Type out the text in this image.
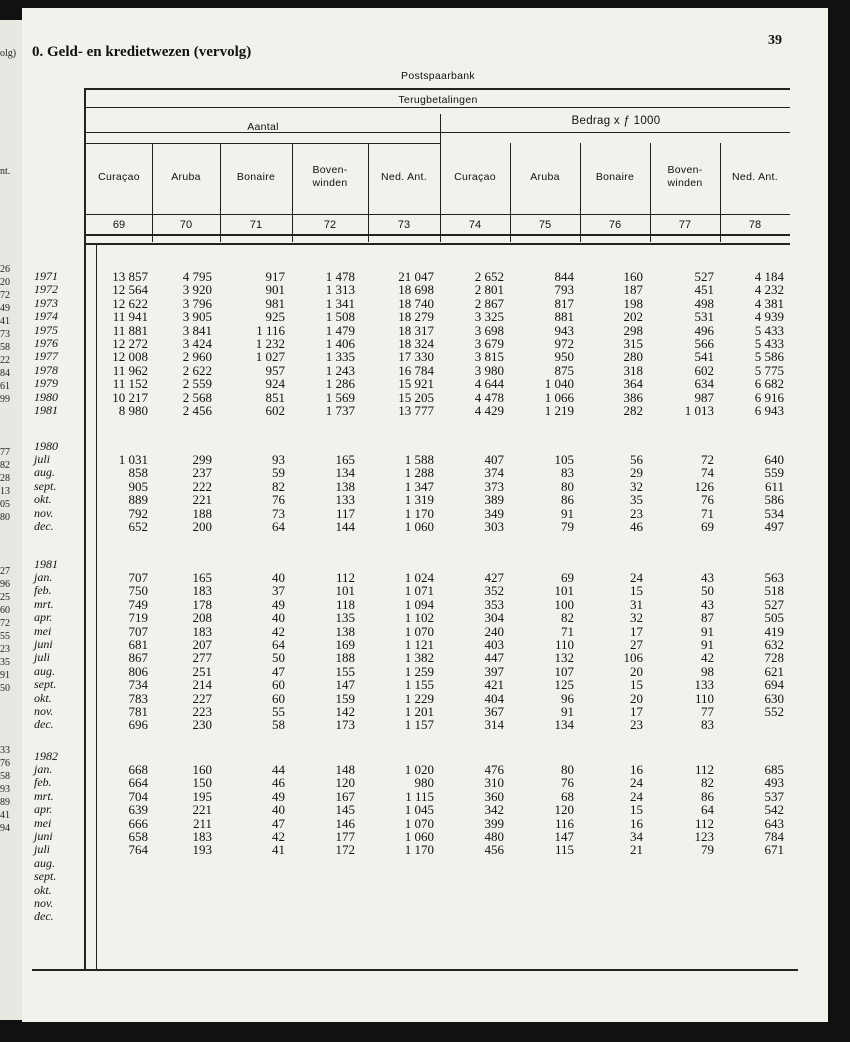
olg)
nt.
26
20
72
49
41
73
58
22
84
61
99
77
82
28
13
05
80
27
96
25
60
72
55
23
35
91
50
33
76
58
93
89
41
94
0. Geld- en kredietwezen (vervolg)
39
Postspaarbank
Terugbetalingen
Aantal	Bedrag x ƒ 1000
Curaçao
69
Aruba
70
Bonaire
71
Boven-
winden
72
Ned. Ant.
73
Curaçao
74
Aruba
75
Bonaire
76
Boven-
winden
77
Ned. Ant.
78
1971
1972
1973
1974
1975
1976
1977
1978
1979
1980
1981
13 857
12 564
12 622
11 941
11 881
12 272
12 008
11 962
11 152
10 217
8 980
4 795
3 920
3 796
3 905
3 841
3 424
2 960
2 622
2 559
2 568
2 456
917
901
981
925
1 116
1 232
1 027
957
924
851
602
1 478
1 313
1 341
1 508
1 479
1 406
1 335
1 243
1 286
1 569
1 737
21 047
18 698
18 740
18 279
18 317
18 324
17 330
16 784
15 921
15 205
13 777
2 652
2 801
2 867
3 325
3 698
3 679
3 815
3 980
4 644
4 478
4 429
844
793
817
881
943
972
950
875
1 040
1 066
1 219
160
187
198
202
298
315
280
318
364
386
282
527
451
498
531
496
566
541
602
634
987
1 013
4 184
4 232
4 381
4 939
5 433
5 433
5 586
5 775
6 682
6 916
6 943
1980
juli
aug.
sept.
okt.
nov.
dec.
1 031
858
905
889
792
652
299
237
222
221
188
200
93
59
82
76
73
64
165
134
138
133
117
144
1 588
1 288
1 347
1 319
1 170
1 060
407
374
373
389
349
303
105
83
80
86
91
79
56
29
32
35
23
46
72
74
126
76
71
69
640
559
611
586
534
497
1981
jan.
feb.
mrt.
apr.
mei
juni
juli
aug.
sept.
okt.
nov.
dec.
707
750
749
719
707
681
867
806
734
783
781
696
165
183
178
208
183
207
277
251
214
227
223
230
40
37
49
40
42
64
50
47
60
60
55
58
112
101
118
135
138
169
188
155
147
159
142
173
1 024
1 071
1 094
1 102
1 070
1 121
1 382
1 259
1 155
1 229
1 201
1 157
427
352
353
304
240
403
447
397
421
404
367
314
69
101
100
82
71
110
132
107
125
96
91
134
24
15
31
32
17
27
106
20
15
20
17
23
43
50
43
87
91
91
42
98
133
110
77
83
563
518
527
505
419
632
728
621
694
630
552
1982
jan.
feb.
mrt.
apr.
mei
juni
juli
aug.
sept.
okt.
nov.
dec.
668
664
704
639
666
658
764
160
150
195
221
211
183
193
44
46
49
40
47
42
41
148
120
167
145
146
177
172
1 020
980
1 115
1 045
1 070
1 060
1 170
476
310
360
342
399
480
456
80
76
68
120
116
147
115
16
24
24
15
16
34
21
112
82
86
64
112
123
79
685
493
537
542
643
784
671
